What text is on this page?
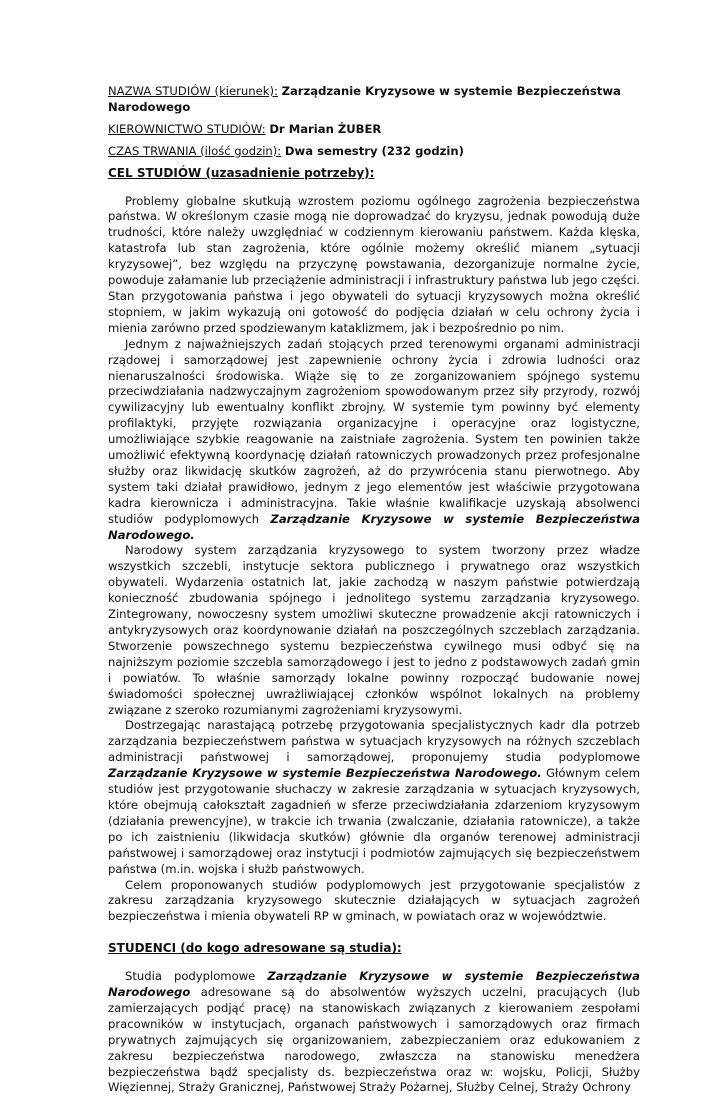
NAZWA STUDIÓW (kierunek): Zarządzanie Kryzysowe w systemie Bezpieczeństwa Narodowego

KIEROWNICTWO STUDIÓW: Dr Marian ŻUBER

CZAS TRWANIA (ilość godzin): Dwa semestry (232 godzin)

CEL STUDIÓW (uzasadnienie potrzeby):

Problemy globalne skutkują wzrostem poziomu ogólnego zagrożenia bezpieczeństwa państwa. W określonym czasie mogą nie doprowadzać do kryzysu, jednak powodują duże trudności, które należy uwzględniać w codziennym kierowaniu państwem. Każda klęska, katastrofa lub stan zagrożenia, które ogólnie możemy określić mianem „sytuacji kryzysowej”, bez względu na przyczynę powstawania, dezorganizuje normalne życie, powoduje załamanie lub przeciążenie administracji i infrastruktury państwa lub jego części. Stan przygotowania państwa i jego obywateli do sytuacji kryzysowych można określić stopniem, w jakim wykazują oni gotowość do podjęcia działań w celu ochrony życia i mienia zarówno przed spodziewanym kataklizmem, jak i bezpośrednio po nim.

Jednym z najważniejszych zadań stojących przed terenowymi organami administracji rządowej i samorządowej jest zapewnienie ochrony życia i zdrowia ludności oraz nienaruszalności środowiska. Wiąże się to ze zorganizowaniem spójnego systemu przeciwdziałania nadzwyczajnym zagrożeniom spowodowanym przez siły przyrody, rozwój cywilizacyjny lub ewentualny konflikt zbrojny. W systemie tym powinny być elementy profilaktyki, przyjęte rozwiązania organizacyjne i operacyjne oraz logistyczne, umożliwiające szybkie reagowanie na zaistniałe zagrożenia. System ten powinien także umożliwić efektywną koordynację działań ratowniczych prowadzonych przez profesjonalne służby oraz likwidację skutków zagrożeń, aż do przywrócenia stanu pierwotnego. Aby system taki działał prawidłowo, jednym z jego elementów jest właściwie przygotowana kadra kierownicza i administracyjna. Takie właśnie kwalifikacje uzyskają absolwenci studiów podyplomowych Zarządzanie Kryzysowe w systemie Bezpieczeństwa Narodowego.

Narodowy system zarządzania kryzysowego to system tworzony przez władze wszystkich szczebli, instytucje sektora publicznego i prywatnego oraz wszystkich obywateli. Wydarzenia ostatnich lat, jakie zachodzą w naszym państwie potwierdzają konieczność zbudowania spójnego i jednolitego systemu zarządzania kryzysowego. Zintegrowany, nowoczesny system umożliwi skuteczne prowadzenie akcji ratowniczych i antykryzysowych oraz koordynowanie działań na poszczególnych szczeblach zarządzania. Stworzenie powszechnego systemu bezpieczeństwa cywilnego musi odbyć się na najniższym poziomie szczebla samorządowego i jest to jedno z podstawowych zadań gmin i powiatów. To właśnie samorządy lokalne powinny rozpocząć budowanie nowej świadomości społecznej uwrażliwiającej członków wspólnot lokalnych na problemy związane z szeroko rozumianymi zagrożeniami kryzysowymi.

Dostrzegając narastającą potrzebę przygotowania specjalistycznych kadr dla potrzeb zarządzania bezpieczeństwem państwa w sytuacjach kryzysowych na różnych szczeblach administracji państwowej i samorządowej, proponujemy studia podyplomowe Zarządzanie Kryzysowe w systemie Bezpieczeństwa Narodowego. Głównym celem studiów jest przygotowanie słuchaczy w zakresie zarządzania w sytuacjach kryzysowych, które obejmują całokształt zagadnień w sferze przeciwdziałania zdarzeniom kryzysowym (działania prewencyjne), w trakcie ich trwania (zwalczanie, działania ratownicze), a także po ich zaistnieniu (likwidacja skutków) głównie dla organów terenowej administracji państwowej i samorządowej oraz instytucji i podmiotów zajmujących się bezpieczeństwem państwa (m.in. wojska i służb państwowych.

Celem proponowanych studiów podyplomowych jest przygotowanie specjalistów z zakresu zarządzania kryzysowego skutecznie działających w sytuacjach zagrożeń bezpieczeństwa i mienia obywateli RP w gminach, w powiatach oraz w województwie.

STUDENCI (do kogo adresowane są studia):

Studia podyplomowe Zarządzanie Kryzysowe w systemie Bezpieczeństwa Narodowego adresowane są do absolwentów wyższych uczelni, pracujących (lub zamierzających podjąć pracę) na stanowiskach związanych z kierowaniem zespołami pracowników w instytucjach, organach państwowych i samorządowych oraz firmach prywatnych zajmujących się organizowaniem, zabezpieczaniem oraz edukowaniem z zakresu bezpieczeństwa narodowego, zwłaszcza na stanowisku menedżera bezpieczeństwa bądź specjalisty ds. bezpieczeństwa oraz w: wojsku, Policji, Służby Więziennej, Straży Granicznej, Państwowej Straży Pożarnej, Służby Celnej, Straży Ochrony
